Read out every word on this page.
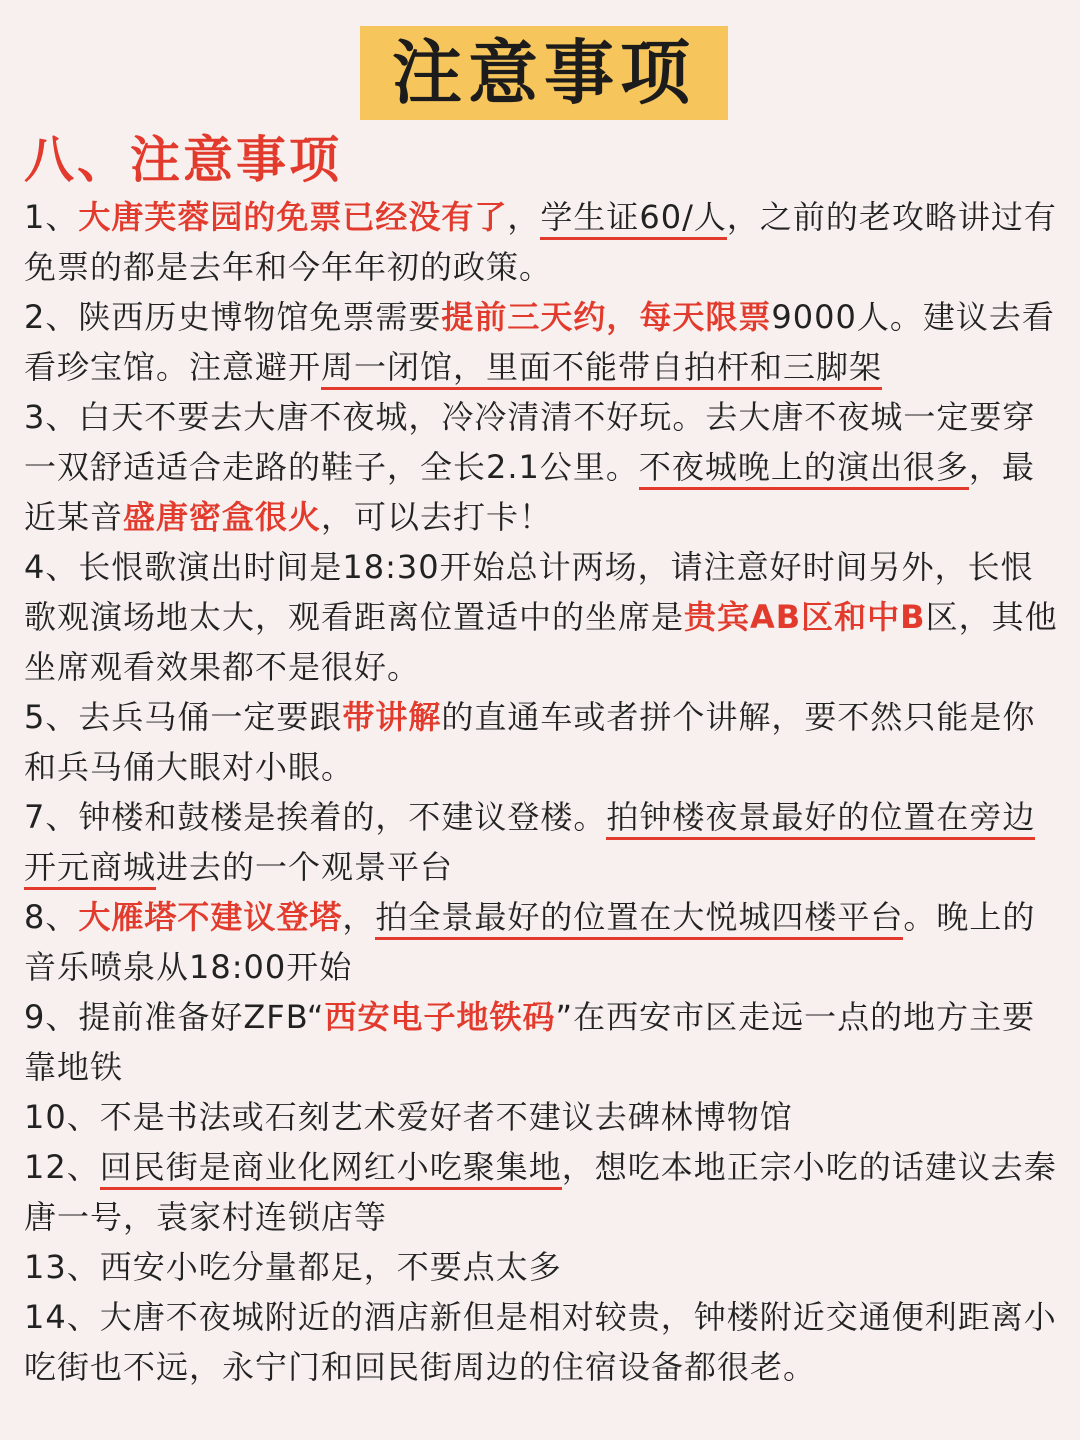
注意事项
八、注意事项

1、大唐芙蓉园的免票已经没有了，学生证60/人，之前的老攻略讲过有免票的都是去年和今年年初的政策。

2、陕西历史博物馆免票需要提前三天约，每天限票9000人。建议去看看珍宝馆。注意避开周一闭馆，里面不能带自拍杆和三脚架

3、白天不要去大唐不夜城，冷冷清清不好玩。去大唐不夜城一定要穿一双舒适适合走路的鞋子，全长2.1公里。不夜城晚上的演出很多，最近某音盛唐密盒很火，可以去打卡！

4、长恨歌演出时间是18:30开始总计两场，请注意好时间另外，长恨歌观演场地太大，观看距离位置适中的坐席是贵宾AB区和中B区，其他坐席观看效果都不是很好。

5、去兵马俑一定要跟带讲解的直通车或者拼个讲解，要不然只能是你和兵马俑大眼对小眼。

7、钟楼和鼓楼是挨着的，不建议登楼。拍钟楼夜景最好的位置在旁边开元商城进去的一个观景平台

8、大雁塔不建议登塔，拍全景最好的位置在大悦城四楼平台。晚上的音乐喷泉从18:00开始

9、提前准备好ZFB“西安电子地铁码”在西安市区走远一点的地方主要靠地铁

10、不是书法或石刻艺术爱好者不建议去碑林博物馆

12、回民街是商业化网红小吃聚集地，想吃本地正宗小吃的话建议去秦唐一号，袁家村连锁店等

13、西安小吃分量都足，不要点太多

14、大唐不夜城附近的酒店新但是相对较贵，钟楼附近交通便利距离小吃街也不远，永宁门和回民街周边的住宿设备都很老。
